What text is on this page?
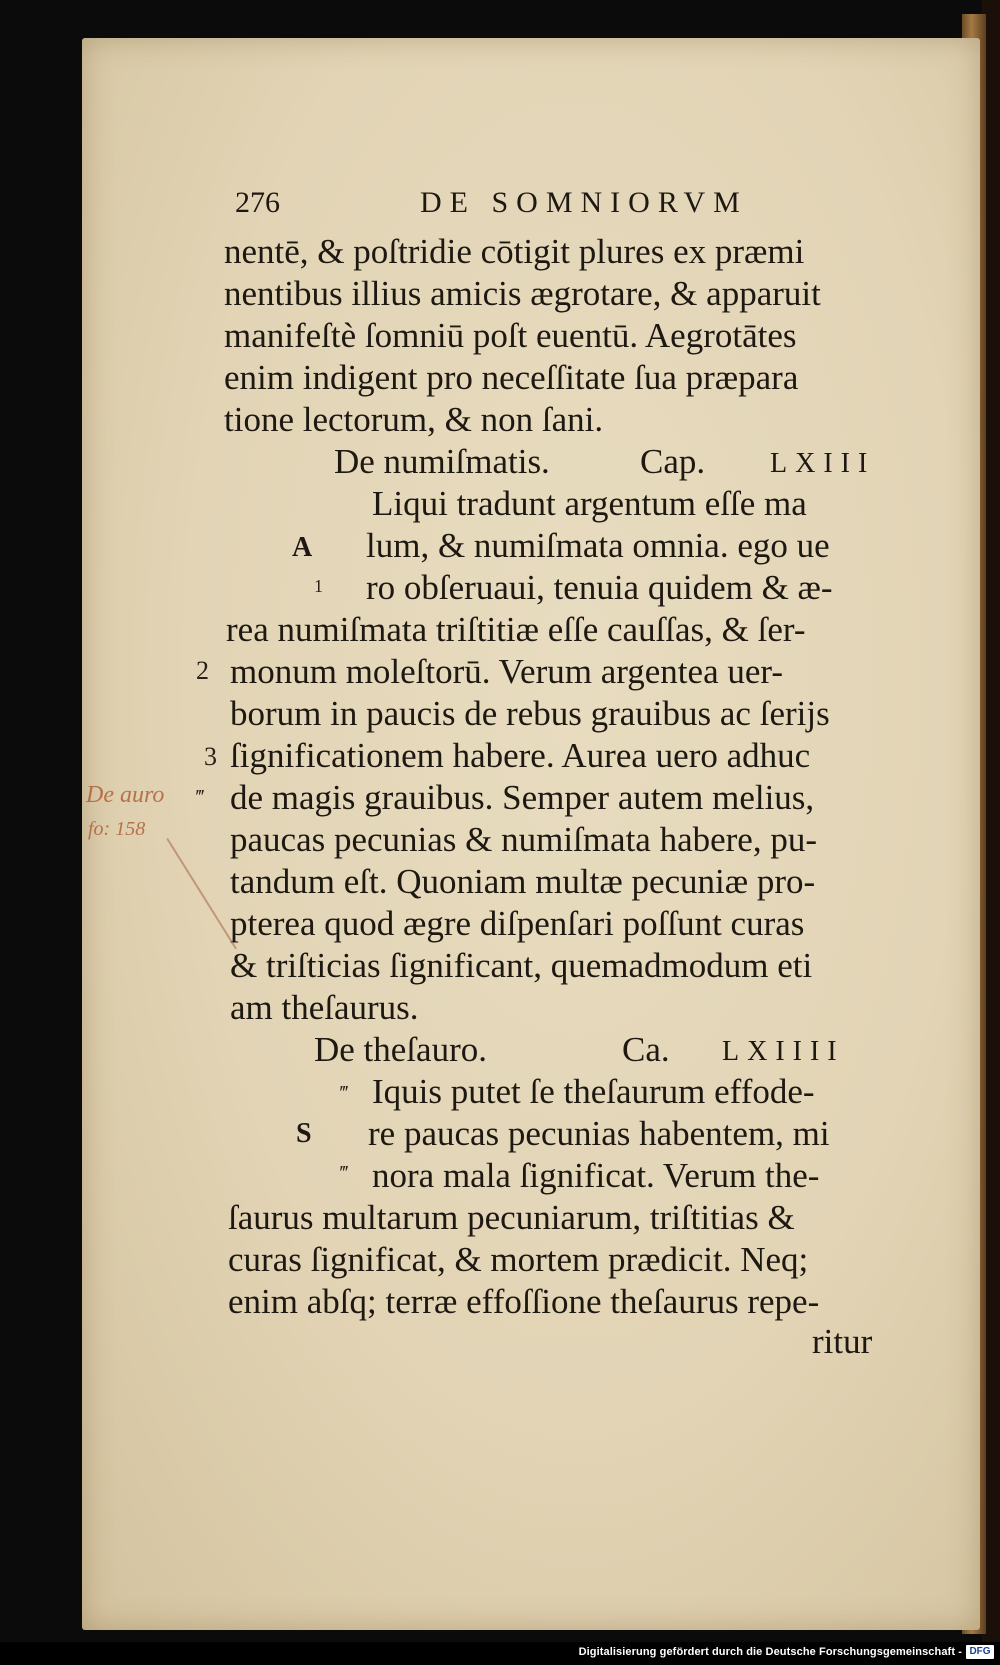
276	DE SOMNIORVM
nentē, & poſtridie cōtigit plures ex præmi
nentibus illius amicis ægrotare, & apparuit
manifeſtè ſomniū poſt euentū. Aegrotātes
enim indigent pro neceſſitate ſua præpara
tione lectorum, & non ſani.
De numiſmatis.	Cap. LXIII
Liqui tradunt argentum eſſe ma
lum, & numiſmata omnia. ego ue
ro obſeruaui, tenuia quidem & æ-
rea numiſmata triſtitiæ eſſe cauſſas, & ſer-
monum moleſtorū. Verum argentea uer-
borum in paucis de rebus grauibus ac ſerijs
ſignificationem habere. Aurea uero adhuc
de magis grauibus. Semper autem melius,
paucas pecunias & numiſmata habere, pu-
tandum eſt. Quoniam multæ pecuniæ pro-
pterea quod ægre diſpenſari poſſunt curas
& triſticias ſignificant, quemadmodum eti
am theſaurus.
A
De theſauro.	Ca. LXIIII
Iquis putet ſe theſaurum effode-
re paucas pecunias habentem, mi
nora mala ſignificat. Verum the-
ſaurus multarum pecuniarum, triſtitias &
curas ſignificat, & mortem prædicit. Neq;
enim abſq; terræ effoſſione theſaurus repe-
ritur
S
1
2
3
‴
‴
‴
De auro
fo: 158
Digitalisierung gefördert durch die Deutsche Forschungsgemeinschaft - DFG
